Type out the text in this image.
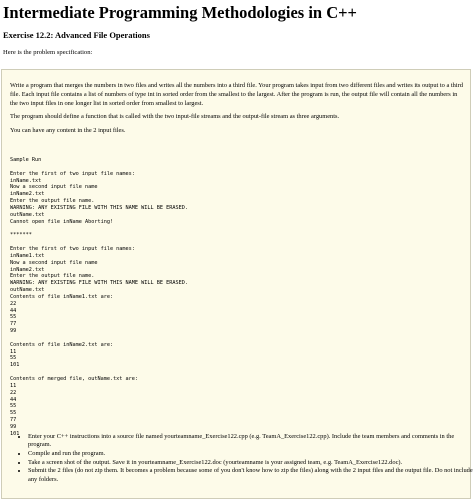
Intermediate Programming Methodologies in C++
Exercise 12.2: Advanced File Operations

Here is the problem specification:

Write a program that merges the numbers in two files and writes all the numbers into a third file. Your program takes input from two different files and writes its output to a third file. Each input file contains a list of numbers of type int in sorted order from the smallest to the largest. After the program is run, the output file will contain all the numbers in the two input files in one longer list in sorted order from smallest to largest.

The program should define a function that is called with the two input-file streams and the output-file stream as three arguments.

You can have any content in the 2 input files.

Sample Run

Enter the first of two input file names:
inName.txt
Now a second input file name
inName2.txt
Enter the output file name.
WARNING: ANY EXISTING FILE WITH THIS NAME WILL BE ERASED.
outName.txt
Cannot open file inName Aborting!

*******

Enter the first of two input file names:
inName1.txt
Now a second input file name
inName2.txt
Enter the output file name.
WARNING: ANY EXISTING FILE WITH THIS NAME WILL BE ERASED.
outName.txt
Contents of file inName1.txt are:
22
44
55
77
99

Contents of file inName2.txt are:
11
55
101

Contents of merged file, outName.txt are:
11
22
44
55
55
77
99
101
•	Enter your C++ instructions into a source file named yourteamname_Exercise122.cpp (e.g. TeamA_Exercise122.cpp). Include the team members and comments in the program.
• Compile and run the program.
• Take a screen shot of the output. Save it in yourteamname_Exercise122.doc (yourteamname is your assigned team, e.g. TeamA_Exercise122.doc).
• Submit the 2 files (do not zip them. It becomes a problem because some of you don't know how to zip the files) along with the 2 input files and the output file. Do not include any folders.
